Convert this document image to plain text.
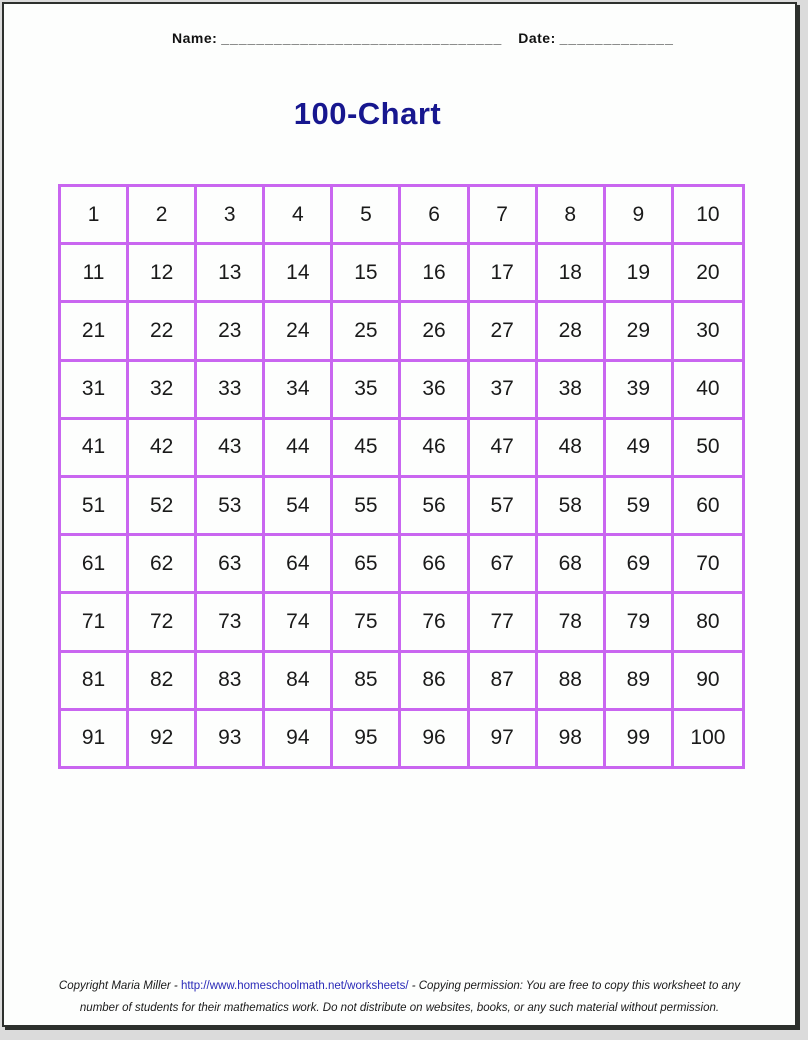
Name: ________________________________ Date: _____________
100-Chart
1	2	3	4	5	6	7	8	9	10
11	12	13	14	15	16	17	18	19	20
21	22	23	24	25	26	27	28	29	30
31	32	33	34	35	36	37	38	39	40
41	42	43	44	45	46	47	48	49	50
51	52	53	54	55	56	57	58	59	60
61	62	63	64	65	66	67	68	69	70
71	72	73	74	75	76	77	78	79	80
81	82	83	84	85	86	87	88	89	90
91	92	93	94	95	96	97	98	99	100
Copyright Maria Miller - http://www.homeschoolmath.net/worksheets/ - Copying permission: You are free to copy this worksheet to any
number of students for their mathematics work. Do not distribute on websites, books, or any such material without permission.
